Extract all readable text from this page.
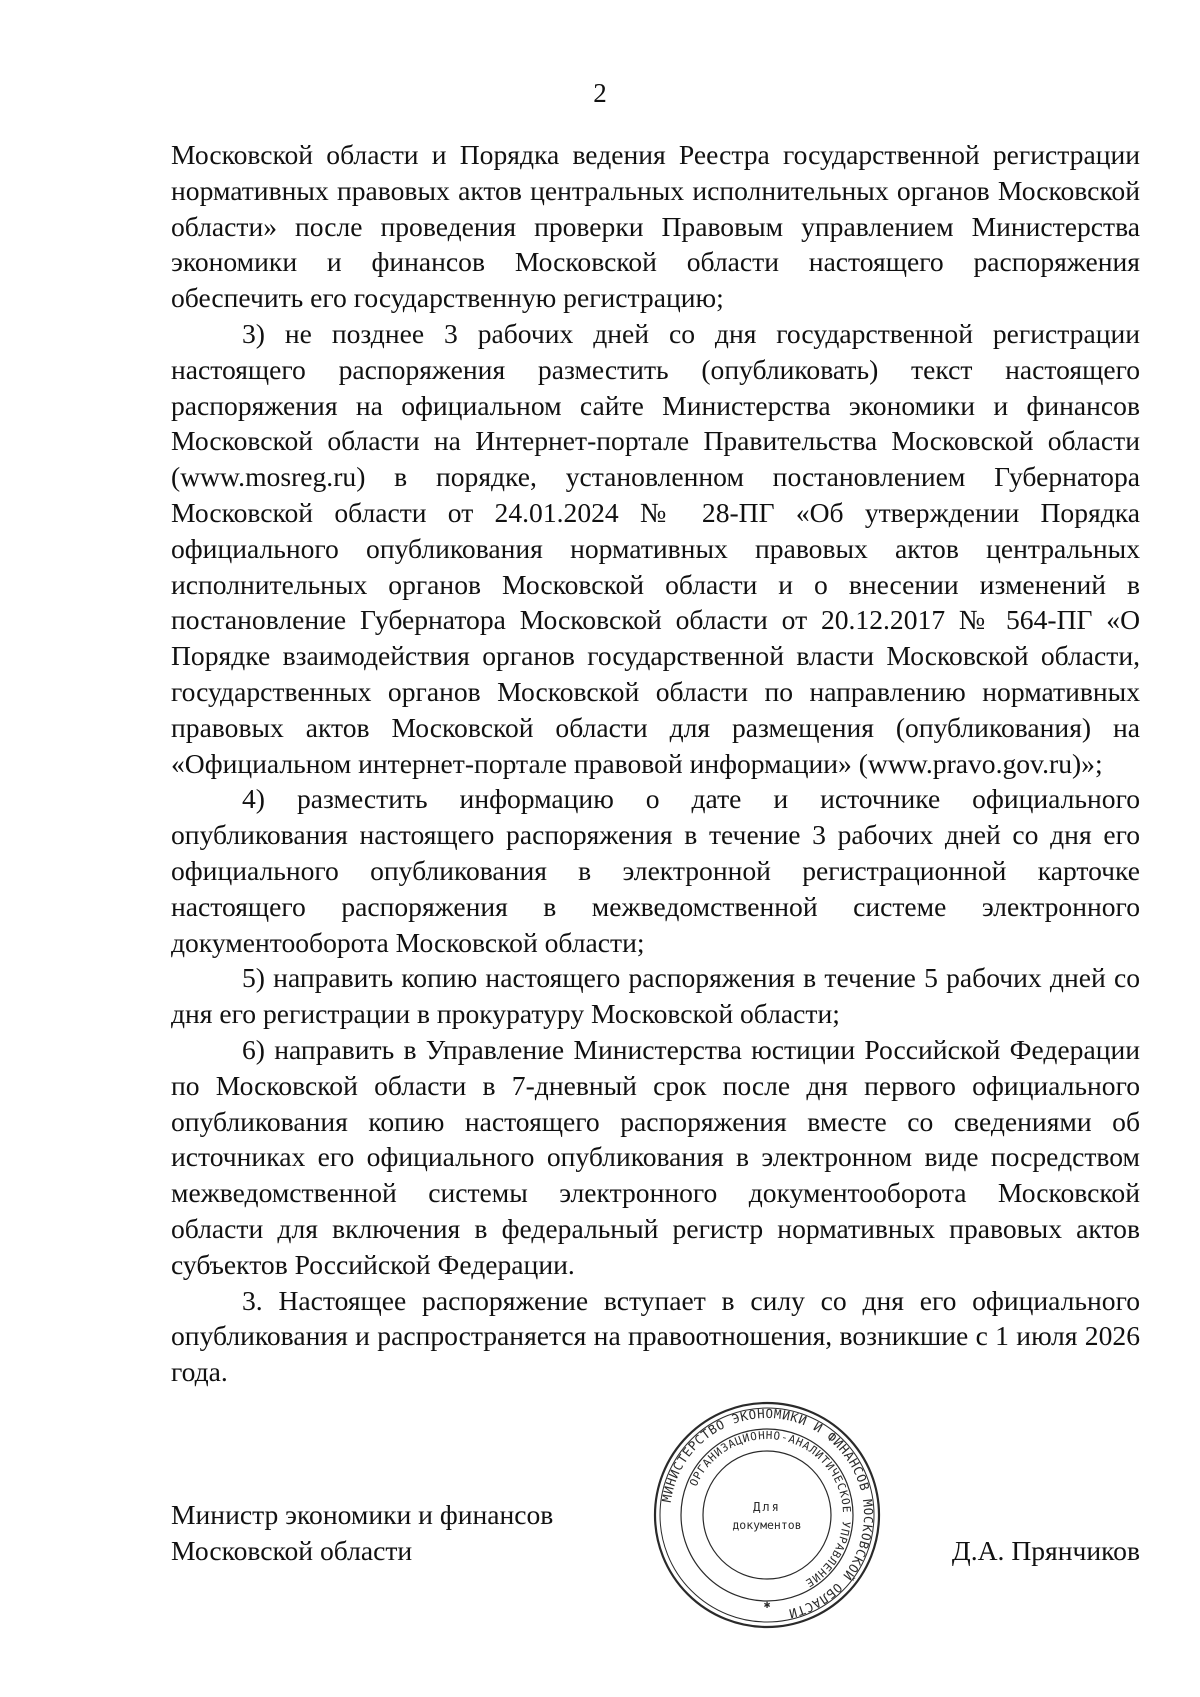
2

Московской области и Порядка ведения Реестра государственной регистрации нормативных правовых актов центральных исполнительных органов Московской области» после проведения проверки Правовым управлением Министерства экономики и финансов Московской области настоящего распоряжения обеспечить его государственную регистрацию;

3) не позднее 3 рабочих дней со дня государственной регистрации настоящего распоряжения разместить (опубликовать) текст настоящего распоряжения на официальном сайте Министерства экономики и финансов Московской области на Интернет-портале Правительства Московской области (www.mosreg.ru) в порядке, установленном постановлением Губернатора Московской области от 24.01.2024 № 28-ПГ «Об утверждении Порядка официального опубликования нормативных правовых актов центральных исполнительных органов Московской области и о внесении изменений в постановление Губернатора Московской области от 20.12.2017 № 564-ПГ «О Порядке взаимодействия органов государственной власти Московской области, государственных органов Московской области по направлению нормативных правовых актов Московской области для размещения (опубликования) на «Официальном интернет-портале правовой информации» (www.pravo.gov.ru)»;

4) разместить информацию о дате и источнике официального опубликования настоящего распоряжения в течение 3 рабочих дней со дня его официального опубликования в электронной регистрационной карточке настоящего распоряжения в межведомственной системе электронного документооборота Московской области;

5) направить копию настоящего распоряжения в течение 5 рабочих дней со дня его регистрации в прокуратуру Московской области;

6) направить в Управление Министерства юстиции Российской Федерации по Московской области в 7-дневный срок после дня первого официального опубликования копию настоящего распоряжения вместе со сведениями об источниках его официального опубликования в электронном виде посредством межведомственной системы электронного документооборота Московской области для включения в федеральный регистр нормативных правовых актов субъектов Российской Федерации.

3. Настоящее распоряжение вступает в силу со дня его официального опубликования и распространяется на правоотношения, возникшие с 1 июля 2026 года.

МИНИСТЕРСТВО ЭКОНОМИКИ И ФИНАНСОВ МОСКОВСКОЙ ОБЛАСТИ
ОРГАНИЗАЦИОННО-АНАЛИТИЧЕСКОЕ УПРАВЛЕНИЕ
Для
документов
✱
Министр экономики и финансов
Московской области	Д.А. Прянчиков
